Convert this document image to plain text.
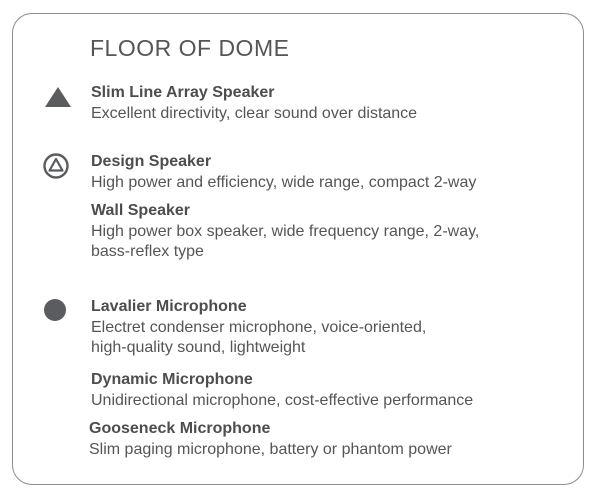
FLOOR OF DOME
Slim Line Array Speaker
Excellent directivity, clear sound over distance
Design Speaker
High power and efficiency, wide range, compact 2-way
Wall Speaker
High power box speaker, wide frequency range, 2-way,
bass-reflex type
Lavalier Microphone
Electret condenser microphone, voice-oriented,
high-quality sound, lightweight
Dynamic Microphone
Unidirectional microphone, cost-effective performance
Gooseneck Microphone
Slim paging microphone, battery or phantom power
